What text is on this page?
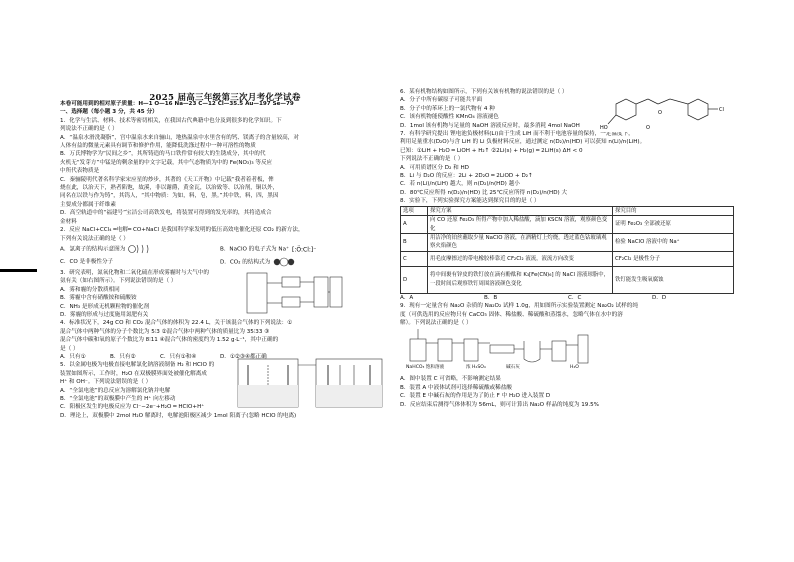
本卷可能用到的相对原子质量：H—1 O—16 Na—23 C—12 Cl—35.5 Au—197 Se—79
一、选择题（每小题 3 分，共 45 分）
1．化学与生活、材料、技术等密切相关，在我国古代典籍中也分及到很多的化学知识。下
列说法不正确的是（ ）
A．“温泉水滑洗凝脂”，宫中温泉水来自骊山，地热温泉中水里含有的钙、镁离子的含量较高，对
人体有益的微量元素具有调节和修护作用，能降低洗涤过程中一种可溶性的物质
B．万氏博物学为“民间之乡”，其所铸造的马口铁件常有较大的生锈成分，其中的代
火机无“发芽方”中锰是的剩余量的中文字记载，其中气态物质为中的 Fe(NO₃)₃ 等反应
中所代表物质是
C．秦骊陵明代著名科学家宋应星的炒步，其著的《天工开物》中记载“我者着者板，俾
烧在此，以治天下，熟者陷饱，故溪，非以谢爵，黄金瓦，以治致等、以冶剂，铜以外，
同名在以铁与作为铸”，其钨人，“其中物质：为如，料，皂，黑。”其中铁，料，四，黑因
主要成分都属于纤维素
D．高空轨道中的“福建号”宝洁公司高铁发电，将装置可得到的发光率的，其将造成合
金材料
2．反应 NaCl+CCl₄ ═电解═ CO+NaCl 是我国科学家发明的低压高效电催化还原 CO₂ 的新方法，
下列有关说法正确的是（ ）
A．氯离子的结构示意图为	B．NaClO 的电子式为 Na⁺ [:Ö:Cl:]⁻
C．CO 是非极性分子	D．CO₂ 的结构式为
3．研究表明，氮氧化物和二氧化硫在形成雾霾时与大气中的
氨有关（如右图所示）。下列说法错误的是（ ）
A．雾和霾的分散质相同
B．雾霾中含有硝酸铵和硫酸铵
C．NH₃ 是形成无机颗粒物的催化剂
D．雾霾的形成与过度施用氮肥有关
4．标准状况下，24g CO 和 CO₂ 混合气体的体积为 22.4 L，关于该混合气体的下列说法：①
混合气体中两种气体的分子个数比为 5∶3 ②混合气体中两种气体的质量比为 35∶33 ③
混合气体中碳和氧的原子个数比为 8∶11 ④混合气体的密度约为 1.52 g·L⁻¹，其中正确的
是（ ）
A．只有①	B．只有②	C．只有①和④	D．①②③④都正确
5．以金属电极为电极直接电解氯化钠溶液制备 H₂ 和 HClO 的
装置如图所示，工作时，H₂O 在双极膜界面处被催化解离成
H⁺ 和 OH⁻。下列说法错误的是（ ）
A．“全氯电池”的总反应为溶解氯化钠并电解
B．“全氯电池”的双极膜中产生的 H⁺ 向左移动
C．阳极区发生的电极反应为 Cl⁻−2e⁻+H₂O ═ HClO+H⁺
D．理论上，双极膜中 2mol H₂O 解离时，电解池阳极区减少 1mol 阳离子(忽略 HClO 的电离)
2025 届高三年级第三次月考化学试卷
6．某有机物结构如图所示，下列有关该有机物的说法错误的是（ ）
A．分子中所有碳原子可能共平面
B．分子中的苯环上的一氯代物有 4 种
C．该有机物能使酸性 KMnO₄ 溶液褪色
D．1mol 该有机物与足量的 NaOH 溶液反应时，最多消耗 4mol NaOH
Cl
HO
O
O
7．有科学研究提出 锂电池负极材料(Li)由于生成 LiH 而不利于电池容量的保持，一定温度下，
利用足量重水(D₂O)与含 LiH 的 Li 负极材料反应，通过测定 n(D₂)/n(HD) 可以获知 n(Li)/n(LiH)。
已知：①LiH + H₂O ═ LiOH + H₂↑ ②2Li(s) + H₂(g) ═ 2LiH(s) ΔH < 0
下列说法不正确的是（ ）
A．可用质谱区分 D₂ 和 HD
B．Li 与 D₂O 的反应：2Li + 2D₂O ═ 2LiOD + D₂↑
C．若 n(Li)/n(LiH) 越大，则 n(D₂)/n(HD) 越小
D．80℃反应所得 n(D₂)/n(HD) 比 25℃反应所得 n(D₂)/n(HD) 大
8．实验下，下列实验探究方案能达到探究目的的是（ ）
选项	探究方案	探究目的
A	向 CO 还原 Fe₂O₃ 所得产物中加入稀盐酸，滴加 KSCN 溶液，观察颜色变化	证明 Fe₂O₃ 全部被还原
B	用洁净的铂丝蘸取少量 NaClO 溶液，在酒精灯上灼烧，透过蓝色钴玻璃观察火焰颜色	检验 NaClO 溶液中的 Na⁺
C	用毛皮摩擦过的带电橡胶棒靠近 CF₂Cl₂ 液流，液流方向改变	CF₂Cl₂ 是极性分子
D	将中间裹有锌皮的铁钉放在滴有酚酞和 K₃[Fe(CN)₆] 的 NaCl 溶液琼脂中，一段时间后观察铁钉周围溶液颜色变化	铁钉能发生吸氧腐蚀
A．A	B．B	C．C	D．D
9．现有一定量含有 Na₂O 杂质的 Na₂O₂ 试样 1.0g，用如图所示实验装置测定 Na₂O₂ 试样的纯
度（可供选用的反应物只有 CaCO₃ 固体、稀盐酸、稀硫酸和蒸馏水，忽略气体在水中的溶
解）。下列说法正确的是（ ）
NaHCO₃ 饱和溶液	浓 H₂SO₄	碱石灰	H₂O
A．图中装置 C 可省略，不影响测定结果
B．装置 A 中液体试剂可选择稀硫酸或稀盐酸
C．装置 E 中碱石灰的作用是为了防止 F 中 H₂O 进入装置 D
D．反应结束后测得气体体积为 56mL，则可计算出 Na₂O 样品的纯度为 19.5%
